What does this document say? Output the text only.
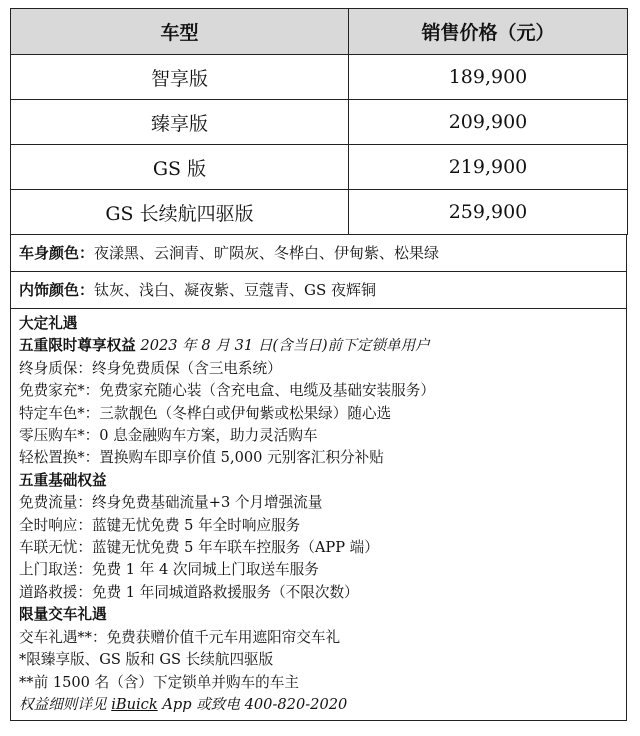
车型	销售价格（元）
智享版	189,900
臻享版	209,900
GS 版	219,900
GS 长续航四驱版	259,900
车身颜色：夜漾黑、云涧青、旷陨灰、冬桦白、伊甸紫、松果绿
内饰颜色：钛灰、浅白、凝夜紫、豆蔻青、GS 夜辉铜
大定礼遇
五重限时尊享权益 2023 年 8 月 31 日(含当日)前下定锁单用户
终身质保：终身免费质保（含三电系统）
免费家充*：免费家充随心装（含充电盒、电缆及基础安装服务）
特定车色*：三款靓色（冬桦白或伊甸紫或松果绿）随心选
零压购车*：0 息金融购车方案，助力灵活购车
轻松置换*：置换购车即享价值 5,000 元别客汇积分补贴
五重基础权益
免费流量：终身免费基础流量+3 个月增强流量
全时响应：蓝键无忧免费 5 年全时响应服务
车联无忧：蓝键无忧免费 5 年车联车控服务（APP 端）
上门取送：免费 1 年 4 次同城上门取送车服务
道路救援：免费 1 年同城道路救援服务（不限次数）
限量交车礼遇
交车礼遇**：免费获赠价值千元车用遮阳帘交车礼
*限臻享版、GS 版和 GS 长续航四驱版
**前 1500 名（含）下定锁单并购车的车主
权益细则详见 iBuick App 或致电 400-820-2020
